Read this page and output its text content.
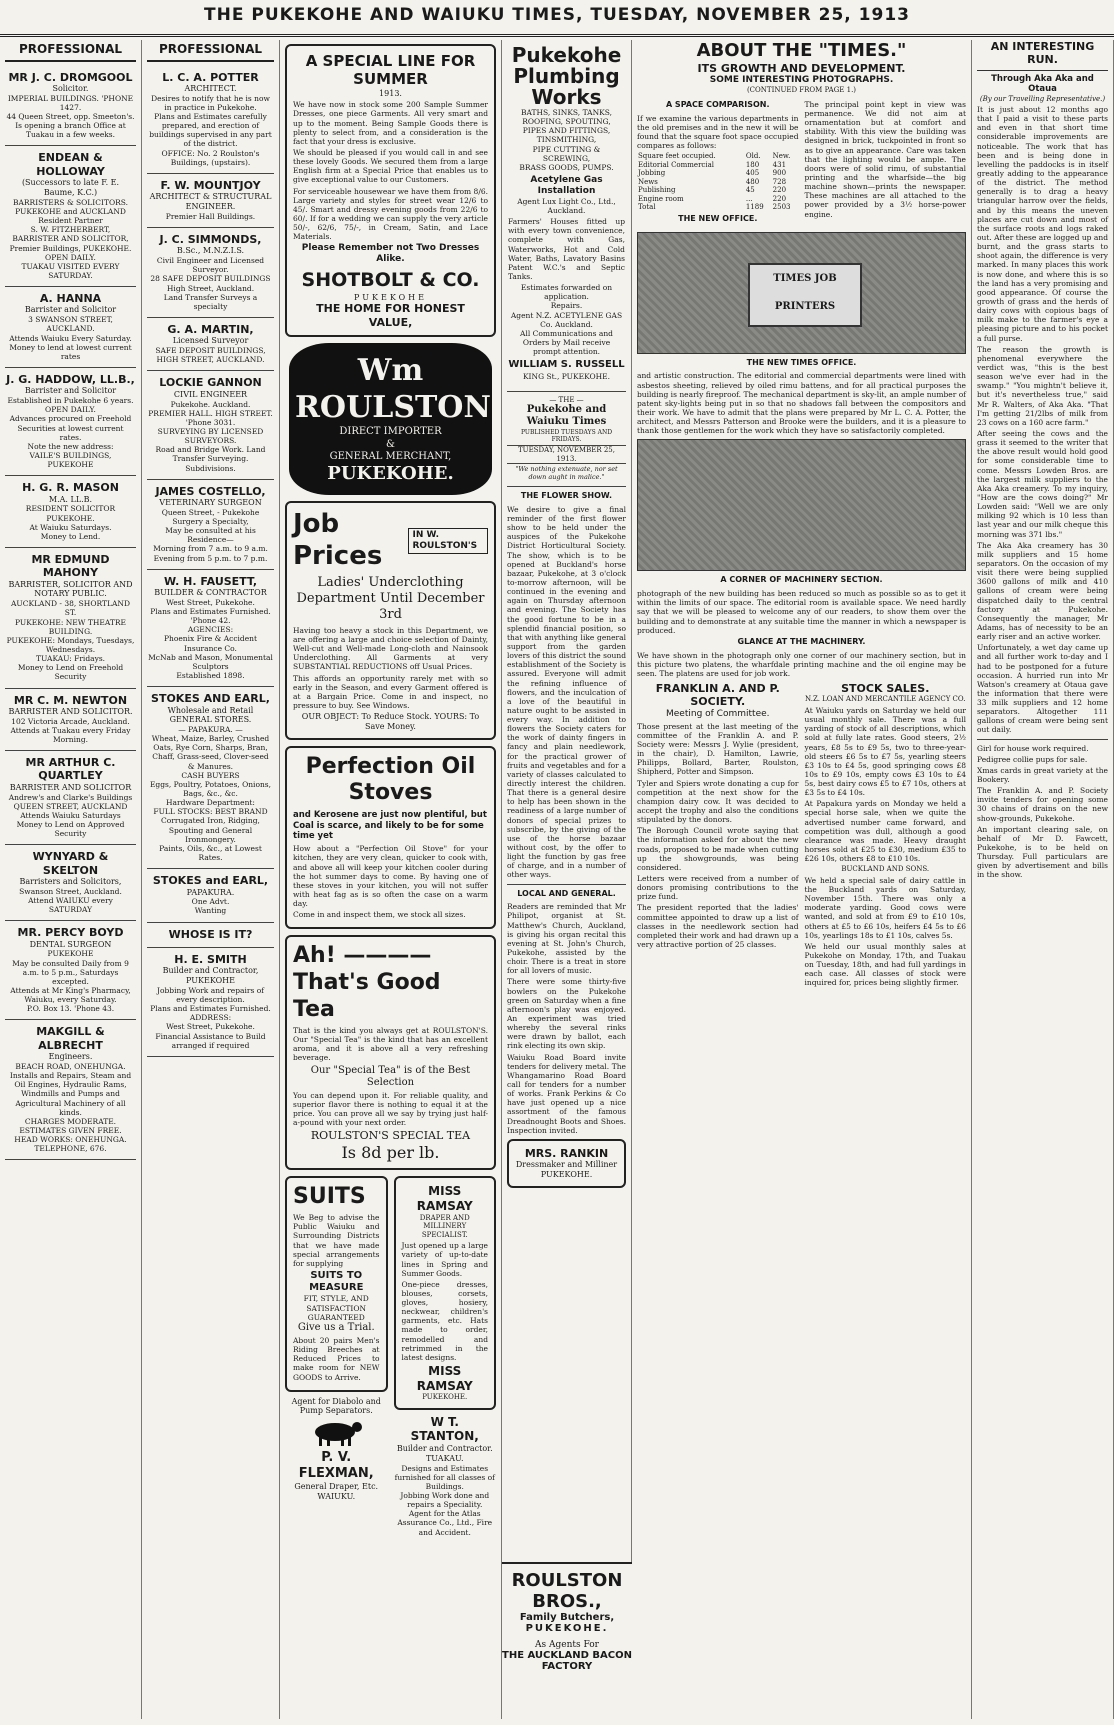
THE PUKEKOHE AND WAIUKU TIMES, TUESDAY, NOVEMBER 25, 1913
PROFESSIONAL
MR J. C. DROMGOOL
Solicitor.
IMPERIAL BUILDINGS. 'PHONE 1427.
44 Queen Street, opp. Smeeton's.
Is opening a branch Office at Tuakau in a few weeks.
ENDEAN & HOLLOWAY
(Successors to late F. E. Baume, K.C.)
BARRISTERS & SOLICITORS.
PUKEKOHE and AUCKLAND
Resident Partner
S. W. FITZHERBERT,
BARRISTER AND SOLICITOR,
Premier Buildings, PUKEKOHE. OPEN DAILY.
TUAKAU VISITED EVERY SATURDAY.
A. HANNA
Barrister and Solicitor
3 SWANSON STREET, AUCKLAND.
Attends Waiuku Every Saturday.
Money to lend at lowest current rates
J. G. HADDOW, LL.B.,
Barrister and Solicitor
Established in Pukekohe 6 years.
OPEN DAILY.
Advances procured on Freehold Securities at lowest current rates.
Note the new address:
VAILE'S BUILDINGS, PUKEKOHE
H. G. R. MASON
M.A. LL.B.
RESIDENT SOLICITOR
PUKEKOHE.
At Waiuku Saturdays.
Money to Lend.
MR EDMUND MAHONY
BARRISTER, SOLICITOR AND NOTARY PUBLIC.
AUCKLAND - 38, SHORTLAND ST.
PUKEKOHE: NEW THEATRE BUILDING.
PUKEKOHE: Mondays, Tuesdays, Wednesdays.
TUAKAU: Fridays.
Money to Lend on Freehold Security
MR C. M. NEWTON
BARRISTER AND SOLICITOR.
102 Victoria Arcade, Auckland.
Attends at Tuakau every Friday Morning.
MR ARTHUR C. QUARTLEY
BARRISTER AND SOLICITOR
Andrew's and Clarke's Buildings
QUEEN STREET, AUCKLAND
Attends Waiuku Saturdays
Money to Lend on Approved Security
WYNYARD & SKELTON
Barristers and Solicitors,
Swanson Street, Auckland.
Attend WAIUKU every SATURDAY
MR. PERCY BOYD
DENTAL SURGEON
PUKEKOHE
May be consulted Daily from 9 a.m. to 5 p.m., Saturdays excepted.
Attends at Mr King's Pharmacy, Waiuku, every Saturday.
P.O. Box 13. 'Phone 43.
MAKGILL & ALBRECHT
Engineers.
BEACH ROAD, ONEHUNGA.
Installs and Repairs, Steam and Oil Engines, Hydraulic Rams, Windmills and Pumps and Agricultural Machinery of all kinds.
CHARGES MODERATE. ESTIMATES GIVEN FREE.
HEAD WORKS: ONEHUNGA. TELEPHONE, 676.
PROFESSIONAL
L. C. A. POTTER
ARCHITECT.
Desires to notify that he is now in practice in Pukekohe.
Plans and Estimates carefully prepared, and erection of buildings supervised in any part of the district.
OFFICE: No. 2 Roulston's Buildings, (upstairs).
F. W. MOUNTJOY
ARCHITECT & STRUCTURAL ENGINEER.
Premier Hall Buildings.
J. C. SIMMONDS,
B.Sc., M.N.Z.I.S.
Civil Engineer and Licensed Surveyor.
28 SAFE DEPOSIT BUILDINGS
High Street, Auckland.
Land Transfer Surveys a specialty
G. A. MARTIN,
Licensed Surveyor
SAFE DEPOSIT BUILDINGS,
HIGH STREET, AUCKLAND.
LOCKIE GANNON
CIVIL ENGINEER
Pukekohe. Auckland.
PREMIER HALL. HIGH STREET. 'Phone 3031.
SURVEYING BY LICENSED SURVEYORS.
Road and Bridge Work. Land Transfer Surveying. Subdivisions.
JAMES COSTELLO,
VETERINARY SURGEON
Queen Street, - Pukekohe
Surgery a Specialty,
May be consulted at his Residence—
Morning from 7 a.m. to 9 a.m.
Evening from 5 p.m. to 7 p.m.
W. H. FAUSETT,
BUILDER & CONTRACTOR
West Street, Pukekohe.
Plans and Estimates Furnished.
'Phone 42.
AGENCIES:
Phoenix Fire & Accident Insurance Co.
McNab and Mason, Monumental Sculptors
Established 1898.
STOKES AND EARL,
Wholesale and Retail GENERAL STORES.
— PAPAKURA. —
Wheat, Maize, Barley, Crushed Oats, Rye Corn, Sharps, Bran, Chaff, Grass-seed, Clover-seed & Manures.
CASH BUYERS
Eggs, Poultry, Potatoes, Onions, Bags, &c., &c.
Hardware Department:
FULL STOCKS: BEST BRAND Corrugated Iron, Ridging, Spouting and General Ironmongery.
Paints, Oils, &c., at Lowest Rates.
STOKES and EARL,
PAPAKURA.
One Advt.
Wanting
WHOSE IS IT?
H. E. SMITH
Builder and Contractor, PUKEKOHE
Jobbing Work and repairs of every description.
Plans and Estimates Furnished.
ADDRESS:
West Street, Pukekohe.
Financial Assistance to Build arranged if required
A SPECIAL LINE FOR SUMMER
1913.
We have now in stock some 200 Sample Summer Dresses, one piece Garments. All very smart and up to the moment. Being Sample Goods there is plenty to select from, and a consideration is the fact that your dress is exclusive.
We should be pleased if you would call in and see these lovely Goods. We secured them from a large English firm at a Special Price that enables us to give exceptional value to our Customers.
For serviceable housewear we have them from 8/6. Large variety and styles for street wear 12/6 to 45/. Smart and dressy evening goods from 22/6 to 60/. If for a wedding we can supply the very article 50/-, 62/6, 75/-, in Cream, Satin, and Lace Materials.
Please Remember not Two Dresses Alike.
SHOTBOLT & CO.
PUKEKOHE
THE HOME FOR HONEST VALUE,
Wm ROULSTON
DIRECT IMPORTER
&
GENERAL MERCHANT,
PUKEKOHE.
Job Prices
IN W. ROULSTON'S
Ladies' Underclothing Department Until December 3rd
Having too heavy a stock in this Department, we are offering a large and choice selection of Dainty, Well-cut and Well-made Long-cloth and Nainsook Underclothing. All Garments at very SUBSTANTIAL REDUCTIONS off Usual Prices.
This affords an opportunity rarely met with so early in the Season, and every Garment offered is at a Bargain Price. Come in and inspect, no pressure to buy. See Windows.
OUR OBJECT: To Reduce Stock. YOURS: To Save Money.
Perfection Oil
Stoves
and Kerosene are just now plentiful, but Coal is scarce, and likely to be for some time yet
How about a "Perfection Oil Stove" for your kitchen, they are very clean, quicker to cook with, and above all will keep your kitchen cooler during the hot summer days to come. By having one of these stoves in your kitchen, you will not suffer with heat fag as is so often the case on a warm day.
Come in and inspect them, we stock all sizes.
Ah! ————
That's Good Tea
That is the kind you always get at ROULSTON'S. Our "Special Tea" is the kind that has an excellent aroma, and it is above all a very refreshing beverage.
Our "Special Tea" is of the Best Selection
You can depend upon it. For reliable quality, and superior flavor there is nothing to equal it at the price. You can prove all we say by trying just half-a-pound with your next order.
ROULSTON'S SPECIAL TEA
Is 8d per lb.
SUITS
We Beg to advise the Public Waiuku and Surrounding Districts that we have made special arrangements for supplying
SUITS TO MEASURE
FIT, STYLE, AND SATISFACTION GUARANTEED
Give us a Trial.
About 20 pairs Men's Riding Breeches at Reduced Prices to make room for NEW GOODS to Arrive.
Agent for Diabolo and Pump Separators.
P. V. FLEXMAN,
General Draper, Etc.
WAIUKU.
MISS RAMSAY
DRAPER AND MILLINERY SPECIALIST.
Just opened up a large variety of up-to-date lines in Spring and Summer Goods.
One-piece dresses, blouses, corsets, gloves, hosiery, neckwear, children's garments, etc. Hats made to order, remodelled and retrimmed in the latest designs.
MISS RAMSAY
PUKEKOHE.
W T. STANTON,
Builder and Contractor.
TUAKAU.
Designs and Estimates furnished for all classes of Buildings.
Jobbing Work done and repairs a Speciality.
Agent for the Atlas Assurance Co., Ltd., Fire and Accident.
Pukekohe Plumbing Works
BATHS, SINKS, TANKS,
ROOFING, SPOUTING,
PIPES AND FITTINGS,
TINSMITHING,
PIPE CUTTING & SCREWING,
BRASS GOODS, PUMPS.
Acetylene Gas Installation
Agent Lux Light Co., Ltd., Auckland.
Farmers' Houses fitted up with every town convenience, complete with Gas, Waterworks, Hot and Cold Water, Baths, Lavatory Basins Patent W.C.'s and Septic Tanks.
Estimates forwarded on application.
Repairs.
Agent N.Z. ACETYLENE GAS Co. Auckland.
All Communications and Orders by Mail receive prompt attention.
WILLIAM S. RUSSELL
KING St., PUKEKOHE.
— THE —
Pukekohe and Waiuku Times
PUBLISHED TUESDAYS AND FRIDAYS.
TUESDAY, NOVEMBER 25, 1913.
"We nothing extenuate, nor set down aught in malice."
THE FLOWER SHOW.
We desire to give a final reminder of the first flower show to be held under the auspices of the Pukekohe District Horticultural Society. The show, which is to be opened at Buckland's horse bazaar, Pukekohe, at 3 o'clock to-morrow afternoon, will be continued in the evening and again on Thursday afternoon and evening. The Society has the good fortune to be in a splendid financial position, so that with anything like general support from the garden lovers of this district the sound establishment of the Society is assured. Everyone will admit the refining influence of flowers, and the inculcation of a love of the beautiful in nature ought to be assisted in every way. In addition to flowers the Society caters for the work of dainty fingers in fancy and plain needlework, for the practical grower of fruits and vegetables and for a variety of classes calculated to directly interest the children. That there is a general desire to help has been shown in the readiness of a large number of donors of special prizes to subscribe, by the giving of the use of the horse bazaar without cost, by the offer to light the function by gas free of charge, and in a number of other ways.
LOCAL AND GENERAL.
Readers are reminded that Mr Philipot, organist at St. Matthew's Church, Auckland, is giving his organ recital this evening at St. John's Church, Pukekohe, assisted by the choir. There is a treat in store for all lovers of music.
There were some thirty-five bowlers on the Pukekohe green on Saturday when a fine afternoon's play was enjoyed. An experiment was tried whereby the several rinks were drawn by ballot, each rink electing its own skip.
Waiuku Road Board invite tenders for delivery metal. The Whangamarino Road Board call for tenders for a number of works. Frank Perkins & Co have just opened up a nice assortment of the famous Dreadnought Boots and Shoes. Inspection invited.
MRS. RANKIN
Dressmaker and Milliner
PUKEKOHE.
ABOUT THE "TIMES."
ITS GROWTH AND DEVELOPMENT.
SOME INTERESTING PHOTOGRAPHS.
(CONTINUED FROM PAGE 1.)
A SPACE COMPARISON.
If we examine the various departments in the old premises and in the new it will be found that the square foot space occupied compares as follows:
Square feet occupied.	Old.	New.
Editorial Commercial	180	431
Jobbing	405	900
News	480	728
Publishing	45	220
Engine room	...	220
Total	1189	2503
THE NEW OFFICE.
The principal point kept in view was permanence. We did not aim at ornamentation but at comfort and stability. With this view the building was designed in brick, tuckpointed in front so as to give an appearance. Care was taken that the lighting would be ample. The doors were of solid rimu, of substantial printing and the wharfside—the big machine shown—prints the newspaper. These machines are all attached to the power provided by a 3½ horse-power engine.
TIMES JOB PRINTERS
THE NEW TIMES OFFICE.
and artistic construction. The editorial and commercial departments were lined with asbestos sheeting, relieved by oiled rimu battens, and for all practical purposes the building is nearly fireproof. The mechanical department is sky-lit, an ample number of patent sky-lights being put in so that no shadows fall between the compositors and their work. We have to admit that the plans were prepared by Mr L. C. A. Potter, the architect, and Messrs Patterson and Brooke were the builders, and it is a pleasure to thank those gentlemen for the work which they have so satisfactorily completed.
A CORNER OF MACHINERY SECTION.
photograph of the new building has been reduced so much as possible so as to get it within the limits of our space. The editorial room is available space. We need hardly say that we will be pleased to welcome any of our readers, to show them over the building and to demonstrate at any suitable time the manner in which a newspaper is produced.
GLANCE AT THE MACHINERY.
We have shown in the photograph only one corner of our machinery section, but in this picture two platens, the wharfdale printing machine and the oil engine may be seen. The platens are used for job work.
FRANKLIN A. AND P. SOCIETY.
Meeting of Committee.
Those present at the last meeting of the committee of the Franklin A. and P. Society were: Messrs J. Wylie (president, in the chair), D. Hamilton, Lawrie, Philipps, Bollard, Barter, Roulston, Shipherd, Potter and Simpson.
Tyler and Spiers wrote donating a cup for competition at the next show for the champion dairy cow. It was decided to accept the trophy and also the conditions stipulated by the donors.
The Borough Council wrote saying that the information asked for about the new roads, proposed to be made when cutting up the showgrounds, was being considered.
Letters were received from a number of donors promising contributions to the prize fund.
The president reported that the ladies' committee appointed to draw up a list of classes in the needlework section had completed their work and had drawn up a very attractive portion of 25 classes.
STOCK SALES.
N.Z. LOAN AND MERCANTILE AGENCY CO.
At Waiuku yards on Saturday we held our usual monthly sale. There was a full yarding of stock of all descriptions, which sold at fully late rates. Good steers, 2½ years, £8 5s to £9 5s, two to three-year-old steers £6 5s to £7 5s, yearling steers £3 10s to £4 5s, good springing cows £8 10s to £9 10s, empty cows £3 10s to £4 5s, best dairy cows £5 to £7 10s, others at £3 5s to £4 10s.
At Papakura yards on Monday we held a special horse sale, when we quite the advertised number came forward, and competition was dull, although a good clearance was made. Heavy draught horses sold at £25 to £30, medium £35 to £26 10s, others £8 to £10 10s.
BUCKLAND AND SONS.
We held a special sale of dairy cattle in the Buckland yards on Saturday, November 15th. There was only a moderate yarding. Good cows were wanted, and sold at from £9 to £10 10s, others at £5 to £6 10s, heifers £4 5s to £6 10s, yearlings 18s to £1 10s, calves 5s.
We held our usual monthly sales at Pukekohe on Monday, 17th, and Tuakau on Tuesday, 18th, and had full yardings in each case. All classes of stock were inquired for, prices being slightly firmer.
AN INTERESTING RUN.
Through Aka Aka and Otaua
(By our Travelling Representative.)
It is just about 12 months ago that I paid a visit to these parts and even in that short time considerable improvements are noticeable. The work that has been and is being done in levelling the paddocks is in itself greatly adding to the appearance of the district. The method generally is to drag a heavy triangular harrow over the fields, and by this means the uneven places are cut down and most of the surface roots and logs raked out. After these are logged up and burnt, and the grass starts to shoot again, the difference is very marked. In many places this work is now done, and where this is so the land has a very promising and good appearance. Of course the growth of grass and the herds of dairy cows with copious bags of milk make to the farmer's eye a pleasing picture and to his pocket a full purse.
The reason the growth is phenomenal everywhere the verdict was, "this is the best season we've ever had in the swamp." "You mightn't believe it, but it's nevertheless true," said Mr R. Walters, of Aka Aka. "That I'm getting 21/2lbs of milk from 23 cows on a 160 acre farm."
After seeing the cows and the grass it seemed to the writer that the above result would hold good for some considerable time to come. Messrs Lowden Bros. are the largest milk suppliers to the Aka Aka creamery. To my inquiry, "How are the cows doing?" Mr Lowden said: "Well we are only milking 92 which is 10 less than last year and our milk cheque this morning was 371 lbs."
The Aka Aka creamery has 30 milk suppliers and 15 home separators. On the occasion of my visit there were being supplied 3600 gallons of milk and 410 gallons of cream were being dispatched daily to the central factory at Pukekohe. Consequently the manager, Mr Adams, has of necessity to be an early riser and an active worker.
Unfortunately, a wet day came up and all further work to-day and I had to be postponed for a future occasion. A hurried run into Mr Watson's creamery at Otaua gave the information that there were 33 milk suppliers and 12 home separators. Altogether 111 gallons of cream were being sent out daily.
Girl for house work required.
Pedigree collie pups for sale.
Xmas cards in great variety at the Bookery.
The Franklin A. and P. Society invite tenders for opening some 30 chains of drains on the new show-grounds, Pukekohe.
An important clearing sale, on behalf of Mr D. Fawcett, Pukekohe, is to be held on Thursday. Full particulars are given by advertisement and bills in the show.
ROULSTON BROS.,
Family Butchers,
PUKEKOHE.
As Agents For
THE AUCKLAND BACON FACTORY
